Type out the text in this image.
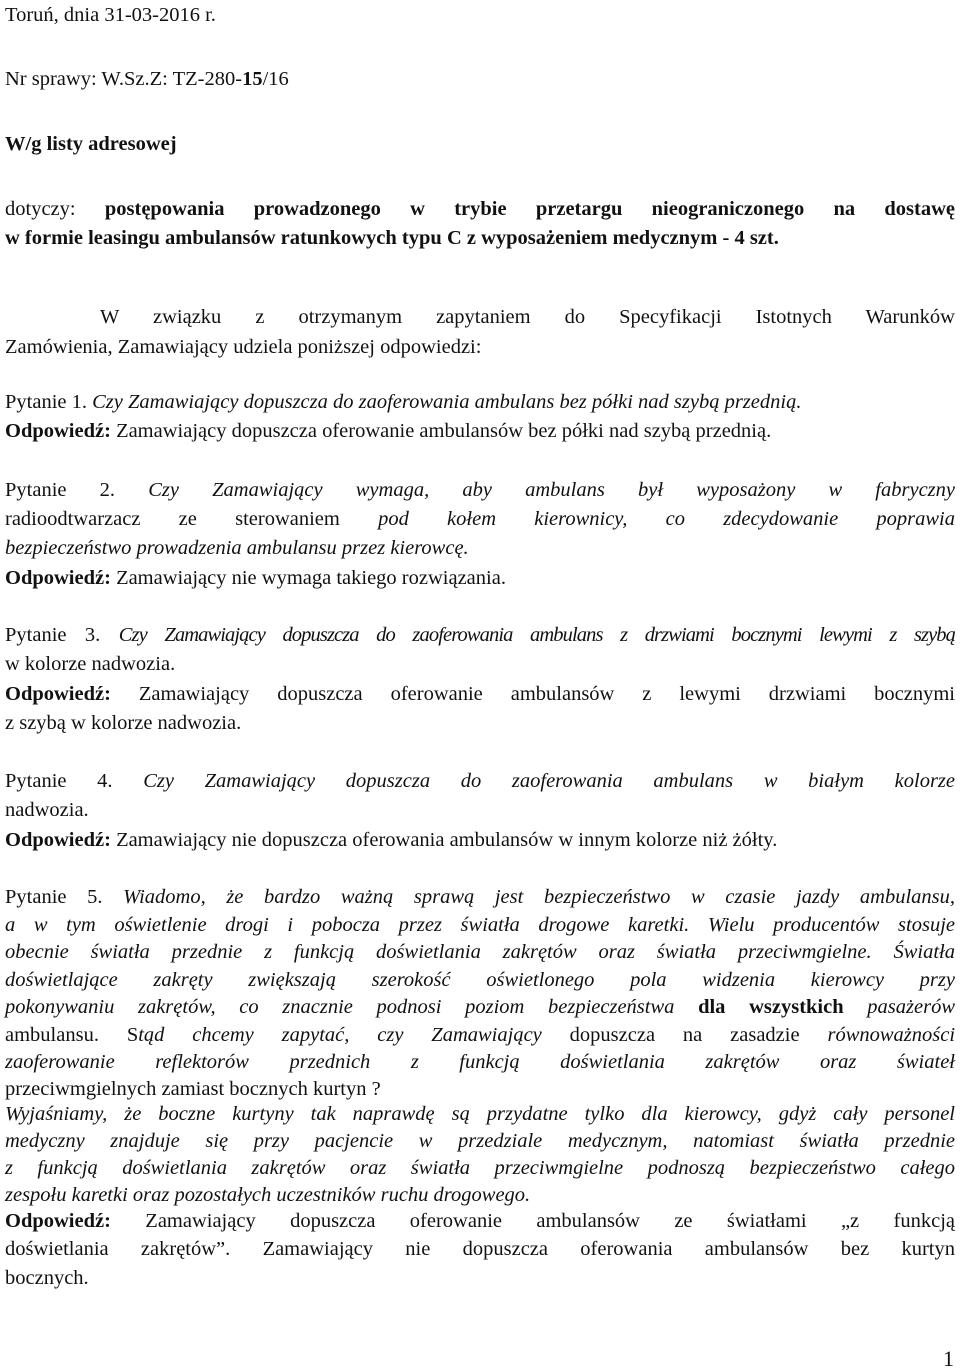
Toruń, dnia 31-03-2016 r.
Nr sprawy: W.Sz.Z: TZ-280-15/16
W/g listy adresowej
dotyczy: postępowania prowadzonego w trybie przetargu nieograniczonego na dostawę
w formie leasingu ambulansów ratunkowych typu C z wyposażeniem medycznym - 4 szt.
W związku z otrzymanym zapytaniem do Specyfikacji Istotnych Warunków
Zamówienia, Zamawiający udziela poniższej odpowiedzi:
Pytanie 1. Czy Zamawiający dopuszcza do zaoferowania ambulans bez półki nad szybą przednią.
Odpowiedź: Zamawiający dopuszcza oferowanie ambulansów bez półki nad szybą przednią.
Pytanie 2. Czy Zamawiający wymaga, aby ambulans był wyposażony w fabryczny
radioodtwarzacz ze sterowaniem pod kołem kierownicy, co zdecydowanie poprawia
bezpieczeństwo prowadzenia ambulansu przez kierowcę.
Odpowiedź: Zamawiający nie wymaga takiego rozwiązania.
Pytanie 3. Czy Zamawiający dopuszcza do zaoferowania ambulans z drzwiami bocznymi lewymi z szybą
w kolorze nadwozia.
Odpowiedź: Zamawiający dopuszcza oferowanie ambulansów z lewymi drzwiami bocznymi
z szybą w kolorze nadwozia.
Pytanie 4. Czy Zamawiający dopuszcza do zaoferowania ambulans w białym kolorze
nadwozia.
Odpowiedź: Zamawiający nie dopuszcza oferowania ambulansów w innym kolorze niż żółty.
Pytanie 5. Wiadomo, że bardzo ważną sprawą jest bezpieczeństwo w czasie jazdy ambulansu,
a w tym oświetlenie drogi i pobocza przez światła drogowe karetki. Wielu producentów stosuje
obecnie światła przednie z funkcją doświetlania zakrętów oraz światła przeciwmgielne. Światła
doświetlające zakręty zwiększają szerokość oświetlonego pola widzenia kierowcy przy
pokonywaniu zakrętów, co znacznie podnosi poziom bezpieczeństwa dla wszystkich pasażerów
ambulansu. Stąd chcemy zapytać, czy Zamawiający dopuszcza na zasadzie równoważności
zaoferowanie reflektorów przednich z funkcją doświetlania zakrętów oraz świateł
przeciwmgielnych zamiast bocznych kurtyn ?
Wyjaśniamy, że boczne kurtyny tak naprawdę są przydatne tylko dla kierowcy, gdyż cały personel
medyczny znajduje się przy pacjencie w przedziale medycznym, natomiast światła przednie
z funkcją doświetlania zakrętów oraz światła przeciwmgielne podnoszą bezpieczeństwo całego
zespołu karetki oraz pozostałych uczestników ruchu drogowego.
Odpowiedź: Zamawiający dopuszcza oferowanie ambulansów ze światłami „z funkcją
doświetlania zakrętów”. Zamawiający nie dopuszcza oferowania ambulansów bez kurtyn
bocznych.
1
